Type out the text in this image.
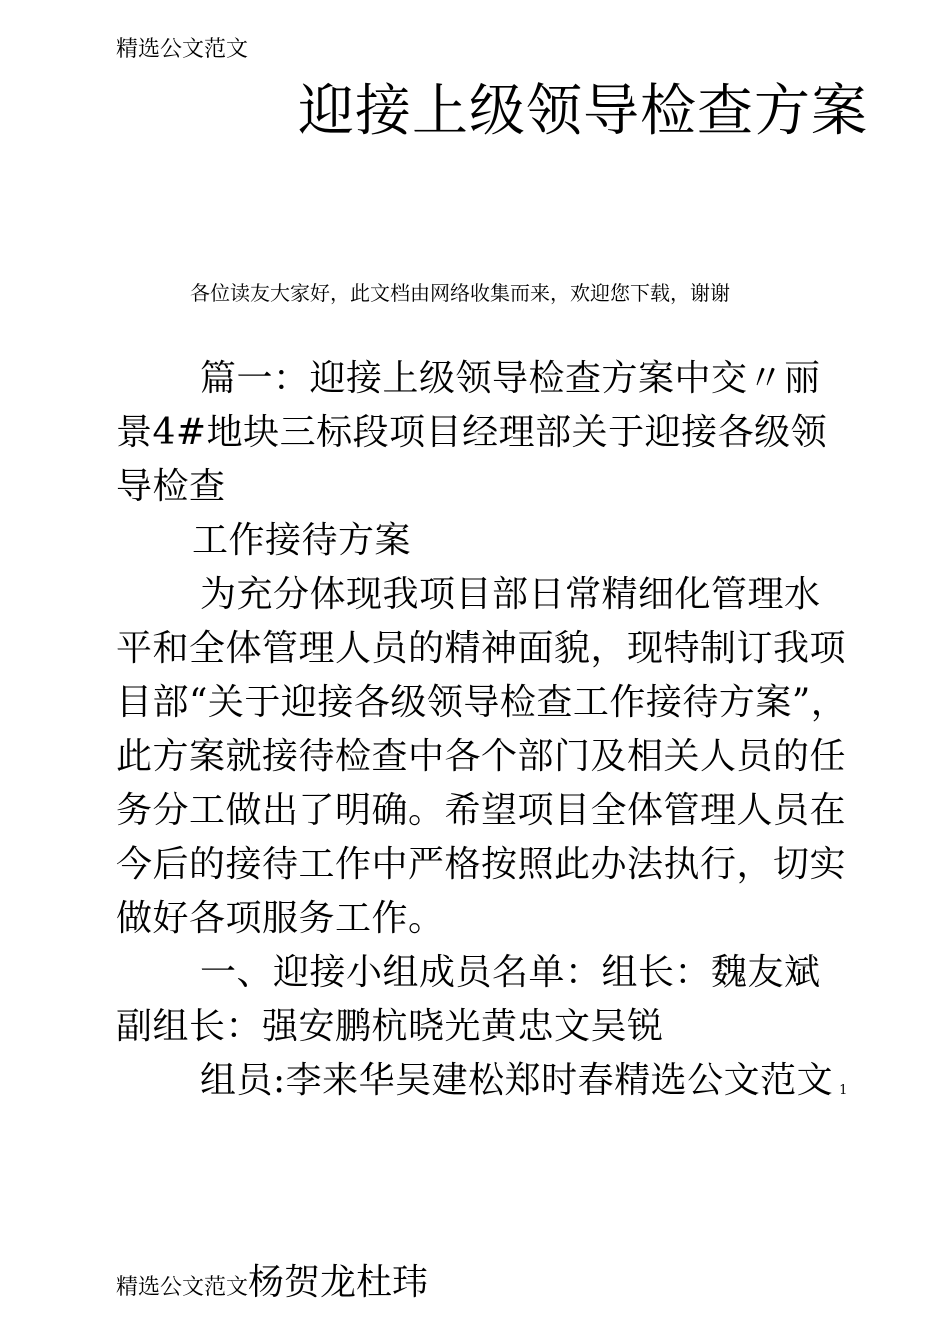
精选公文范文
迎接上级领导检查方案
各位读友大家好，此文档由网络收集而来，欢迎您下载，谢谢

篇一：迎接上级领导检查方案中交〃丽景4#地块三标段项目经理部关于迎接各级领导检查

工作接待方案

为充分体现我项目部日常精细化管理水平和全体管理人员的精神面貌，现特制订我项目部“关于迎接各级领导检查工作接待方案”，此方案就接待检查中各个部门及相关人员的任务分工做出了明确。希望项目全体管理人员在今后的接待工作中严格按照此办法执行，切实做好各项服务工作。

一、迎接小组成员名单：组长：魏友斌副组长：强安鹏杭晓光黄忠文吴锐

组员:李来华吴建松郑时春精选公文范文 1

精选公文范文杨贺龙杜玮
